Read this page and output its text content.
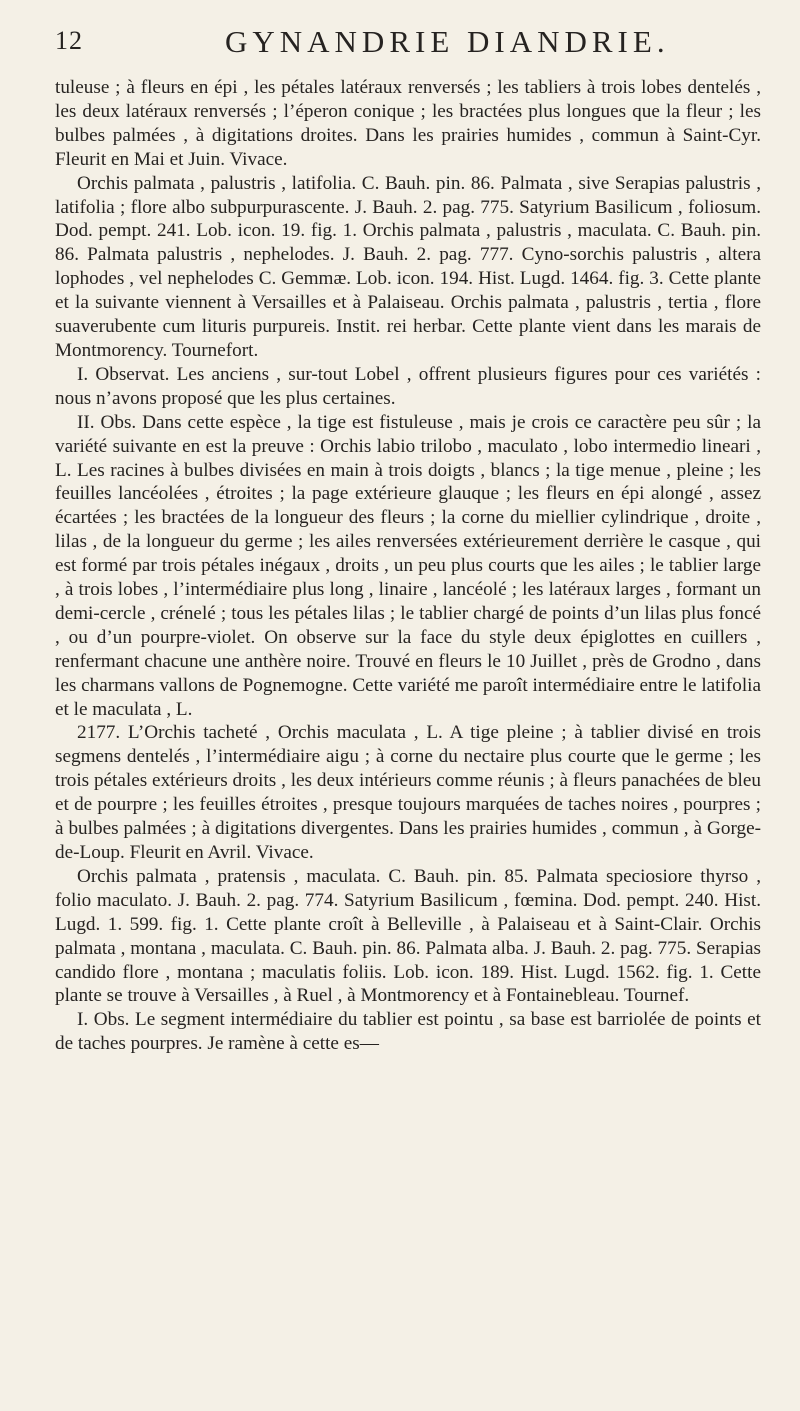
12	GYNANDRIE DIANDRIE.

tuleuse ; à fleurs en épi , les pétales latéraux renversés ; les tabliers à trois lobes dentelés , les deux latéraux renversés ; l’éperon conique ; les bractées plus longues que la fleur ; les bulbes palmées , à digitations droites. Dans les prairies humides , commun à Saint-Cyr. Fleurit en Mai et Juin. Vivace.

Orchis palmata , palustris , latifolia. C. Bauh. pin. 86. Palmata , sive Serapias palustris , latifolia ; flore albo subpurpurascente. J. Bauh. 2. pag. 775. Satyrium Basilicum , foliosum. Dod. pempt. 241. Lob. icon. 19. fig. 1. Orchis palmata , palustris , maculata. C. Bauh. pin. 86. Palmata palustris , nephelodes. J. Bauh. 2. pag. 777. Cyno-sorchis palustris , altera lophodes , vel nephelodes C. Gemmæ. Lob. icon. 194. Hist. Lugd. 1464. fig. 3. Cette plante et la suivante viennent à Versailles et à Palaiseau. Orchis palmata , palustris , tertia , flore suaverubente cum lituris purpureis. Instit. rei herbar. Cette plante vient dans les marais de Montmorency. Tournefort.

I. Observat. Les anciens , sur-tout Lobel , offrent plusieurs figures pour ces variétés : nous n’avons proposé que les plus certaines.

II. Obs. Dans cette espèce , la tige est fistuleuse , mais je crois ce caractère peu sûr ; la variété suivante en est la preuve : Orchis labio trilobo , maculato , lobo intermedio lineari , L. Les racines à bulbes divisées en main à trois doigts , blancs ; la tige menue , pleine ; les feuilles lancéolées , étroites ; la page extérieure glauque ; les fleurs en épi alongé , assez écartées ; les bractées de la longueur des fleurs ; la corne du miellier cylindrique , droite , lilas , de la longueur du germe ; les ailes renversées extérieurement derrière le casque , qui est formé par trois pétales inégaux , droits , un peu plus courts que les ailes ; le tablier large , à trois lobes , l’intermédiaire plus long , linaire , lancéolé ; les latéraux larges , formant un demi-cercle , crénelé ; tous les pétales lilas ; le tablier chargé de points d’un lilas plus foncé , ou d’un pourpre-violet. On observe sur la face du style deux épiglottes en cuillers , renfermant chacune une anthère noire. Trouvé en fleurs le 10 Juillet , près de Grodno , dans les charmans vallons de Pognemogne. Cette variété me paroît intermédiaire entre le latifolia et le maculata , L.

2177. L’Orchis tacheté , Orchis maculata , L. A tige pleine ; à tablier divisé en trois segmens dentelés , l’intermédiaire aigu ; à corne du nectaire plus courte que le germe ; les trois pétales extérieurs droits , les deux intérieurs comme réunis ; à fleurs panachées de bleu et de pourpre ; les feuilles étroites , presque toujours marquées de taches noires , pourpres ; à bulbes palmées ; à digitations divergentes. Dans les prairies humides , commun , à Gorge-de-Loup. Fleurit en Avril. Vivace.

Orchis palmata , pratensis , maculata. C. Bauh. pin. 85. Palmata speciosiore thyrso , folio maculato. J. Bauh. 2. pag. 774. Satyrium Basilicum , fœmina. Dod. pempt. 240. Hist. Lugd. 1. 599. fig. 1. Cette plante croît à Belleville , à Palaiseau et à Saint-Clair. Orchis palmata , montana , maculata. C. Bauh. pin. 86. Palmata alba. J. Bauh. 2. pag. 775. Serapias candido flore , montana ; maculatis foliis. Lob. icon. 189. Hist. Lugd. 1562. fig. 1. Cette plante se trouve à Versailles , à Ruel , à Montmorency et à Fontainebleau. Tournef.

I. Obs. Le segment intermédiaire du tablier est pointu , sa base est barriolée de points et de taches pourpres. Je ramène à cette es—
